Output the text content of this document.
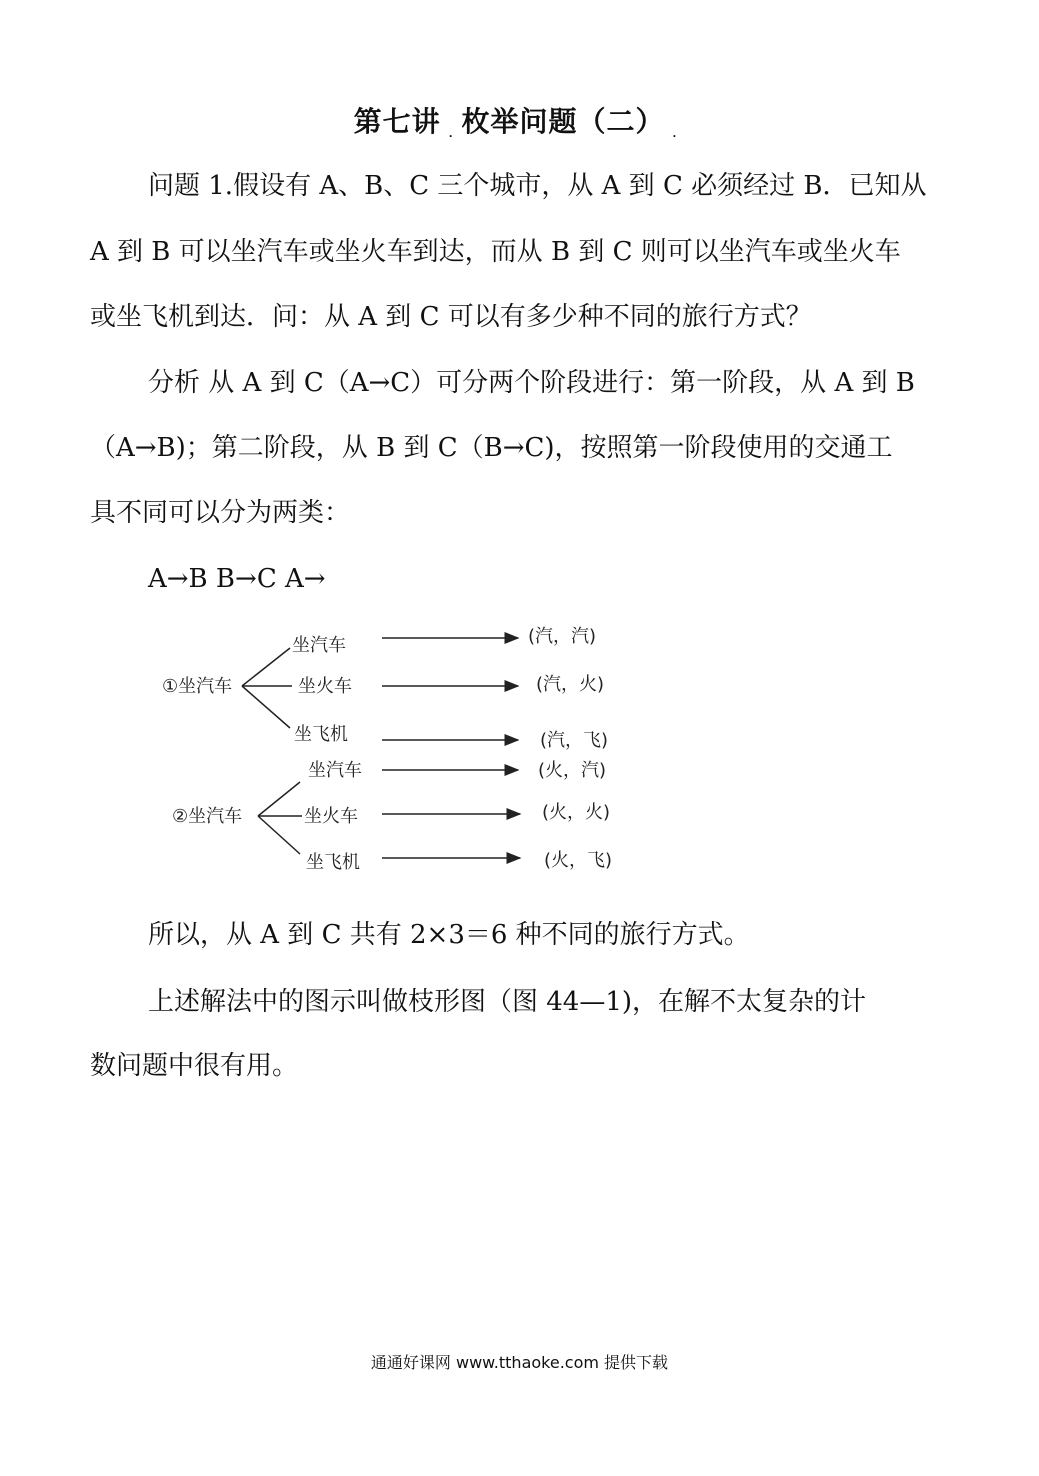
第七讲 . 枚举问题（二） .
问题 1.假设有 A、B、C 三个城市，从 A 到 C 必须经过 B．已知从
A 到 B 可以坐汽车或坐火车到达，而从 B 到 C 则可以坐汽车或坐火车
或坐飞机到达．问：从 A 到 C 可以有多少种不同的旅行方式？
分析 从 A 到 C（A→C）可分两个阶段进行：第一阶段，从 A 到 B
（A→B)；第二阶段，从 B 到 C（B→C)，按照第一阶段使用的交通工
具不同可以分为两类：
A→B B→C A→
①坐汽车
坐汽车
坐火车
坐飞机
(汽，汽)
(汽，火)
(汽，飞)
②坐汽车
坐汽车
坐火车
坐飞机
(火，汽)
(火，火)
(火，飞)
所以，从 A 到 C 共有 2×3＝6 种不同的旅行方式。
上述解法中的图示叫做枝形图（图 44—1)，在解不太复杂的计
数问题中很有用。
通通好课网 www.tthaoke.com 提供下载
